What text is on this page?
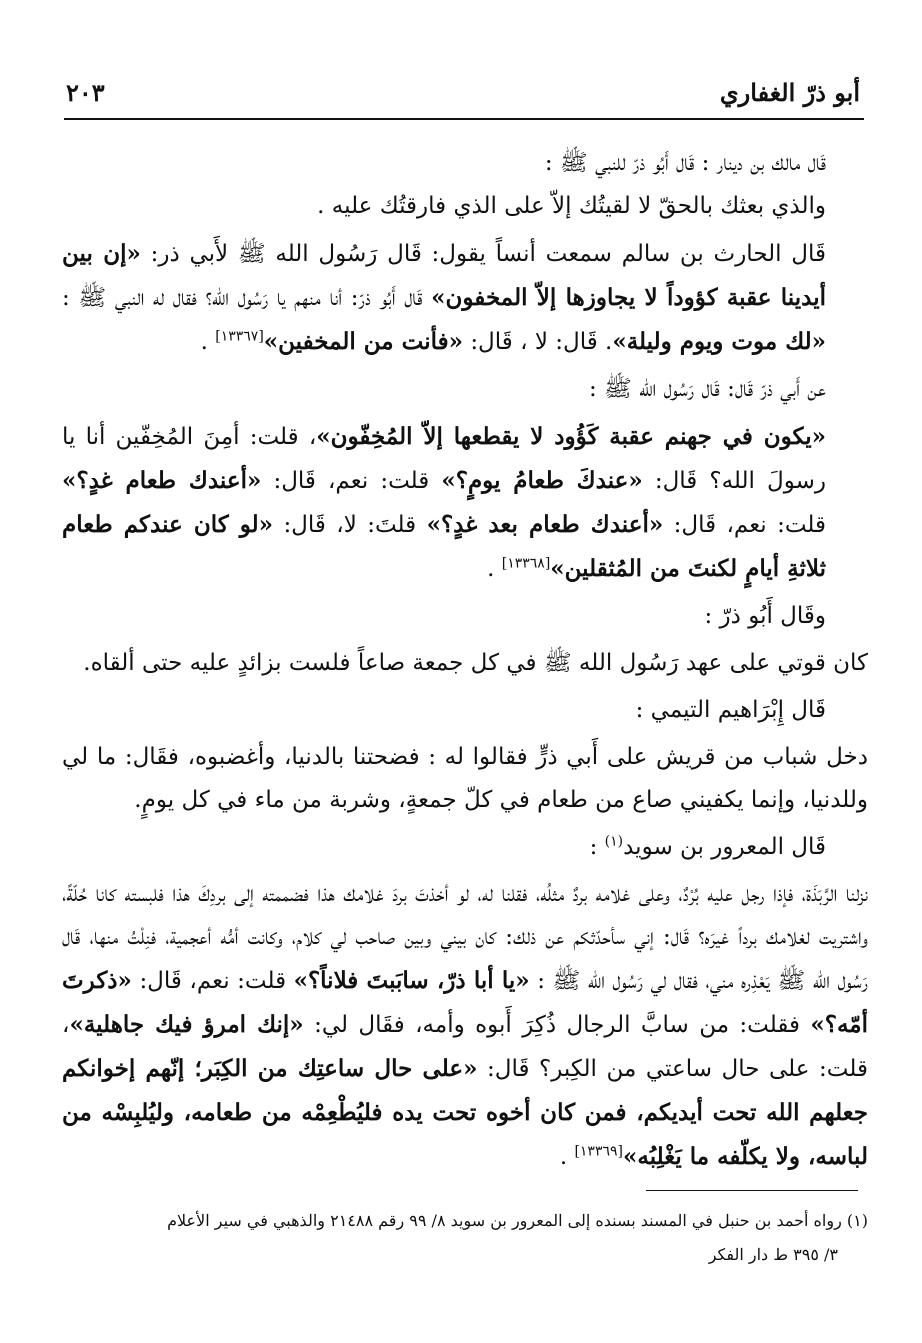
أبو ذرّ الغفاري
٢٠٣

قَال مالك بن دينار : قَال أَبُو ذرّ للنبي ﷺ :
والذي بعثك بالحقّ لا لقيتُك إلاّ على الذي فارقتُك عليه .

قَال الحارث بن سالم سمعت أنساً يقول: قَال رَسُول الله ﷺ لأَبي ذر: «إن بين أيدينا عقبة كؤوداً لا يجاوزها إلاّ المخفون» قَال أَبُو ذرّ: أنا منهم يا رَسُول الله؟ فقال له النبي ﷺ : «لك موت ويوم وليلة». قَال: لا ، قَال: «فأنت من المخفين»[١٣٣٦٧] .

عن أَبي ذرّ قَال: قَال رَسُول الله ﷺ :

«يكون في جهنم عقبة كَؤُود لا يقطعها إلاّ المُخِفّون»، قلت: أمِنَ المُخِفّين أنا يا رسولَ الله؟ قَال: «عندكَ طعامُ يومٍ؟» قلت: نعم، قَال: «أعندك طعام غدٍ؟» قلت: نعم، قَال: «أعندك طعام بعد غدٍ؟» قلتَ: لا، قَال: «لو كان عندكم طعام ثلاثةِ أيامٍ لكنتَ من المُثقلين»[١٣٣٦٨] .

وقَال أَبُو ذرّ :

كان قوتي على عهد رَسُول الله ﷺ في كل جمعة صاعاً فلست بزائدٍ عليه حتى ألقاه.

قَال إِبْرَاهيم التيمي :

دخل شباب من قريش على أَبي ذرٍّ فقالوا له : فضحتنا بالدنيا، وأغضبوه، فقَال: ما لي وللدنيا، وإنما يكفيني صاع من طعام في كلّ جمعةٍ، وشربة من ماء في كل يومٍ.

قَال المعرور بن سويد$^{(١)}$ :

نزلنا الرَّبَذَة، فإذا رجل عليه بُرْدٌ، وعلى غلامه بردٌ مثلُه، فقلنا له، لو أخذتَ بردَ غلامك هذا فضممته إلى بردِكَ هذا فلبسته كانا حُلّةً، واشتريت لغلامك برداً غيرَه؟ قَال: إني سأحدّثكم عن ذلك: كان بيني وبين صاحب لي كلام، وكانت أمُّه أعجمية، فنِلْتُ منها، قَال رَسُول الله ﷺ يَعْذِره مني، فقال لي رَسُول الله ﷺ : «يا أبا ذرّ، سابَبتَ فلاناً؟» قلت: نعم، قَال: «ذكرتَ أمّه؟» فقلت: من سابَّ الرجال ذُكِرَ أَبوه وأمه، فقَال لي: «إنك امرؤ فيك جاهلية»، قلت: على حال ساعتي من الكِبر؟ قَال: «على حال ساعتِك من الكِبَر؛ إنّهم إخوانكم جعلهم الله تحت أيديكم، فمن كان أخوه تحت يده فليُطْعِمْه من طعامه، وليُلبِسْه من لباسه، ولا يكلّفه ما يَغْلِبُه»[١٣٣٦٩] .

(١) رواه أحمد بن حنبل في المسند بسنده إلى المعرور بن سويد ٨/ ٩٩ رقم ٢١٤٨٨ والذهبي في سير الأعلام

٣/ ٣٩٥ ط دار الفكر
